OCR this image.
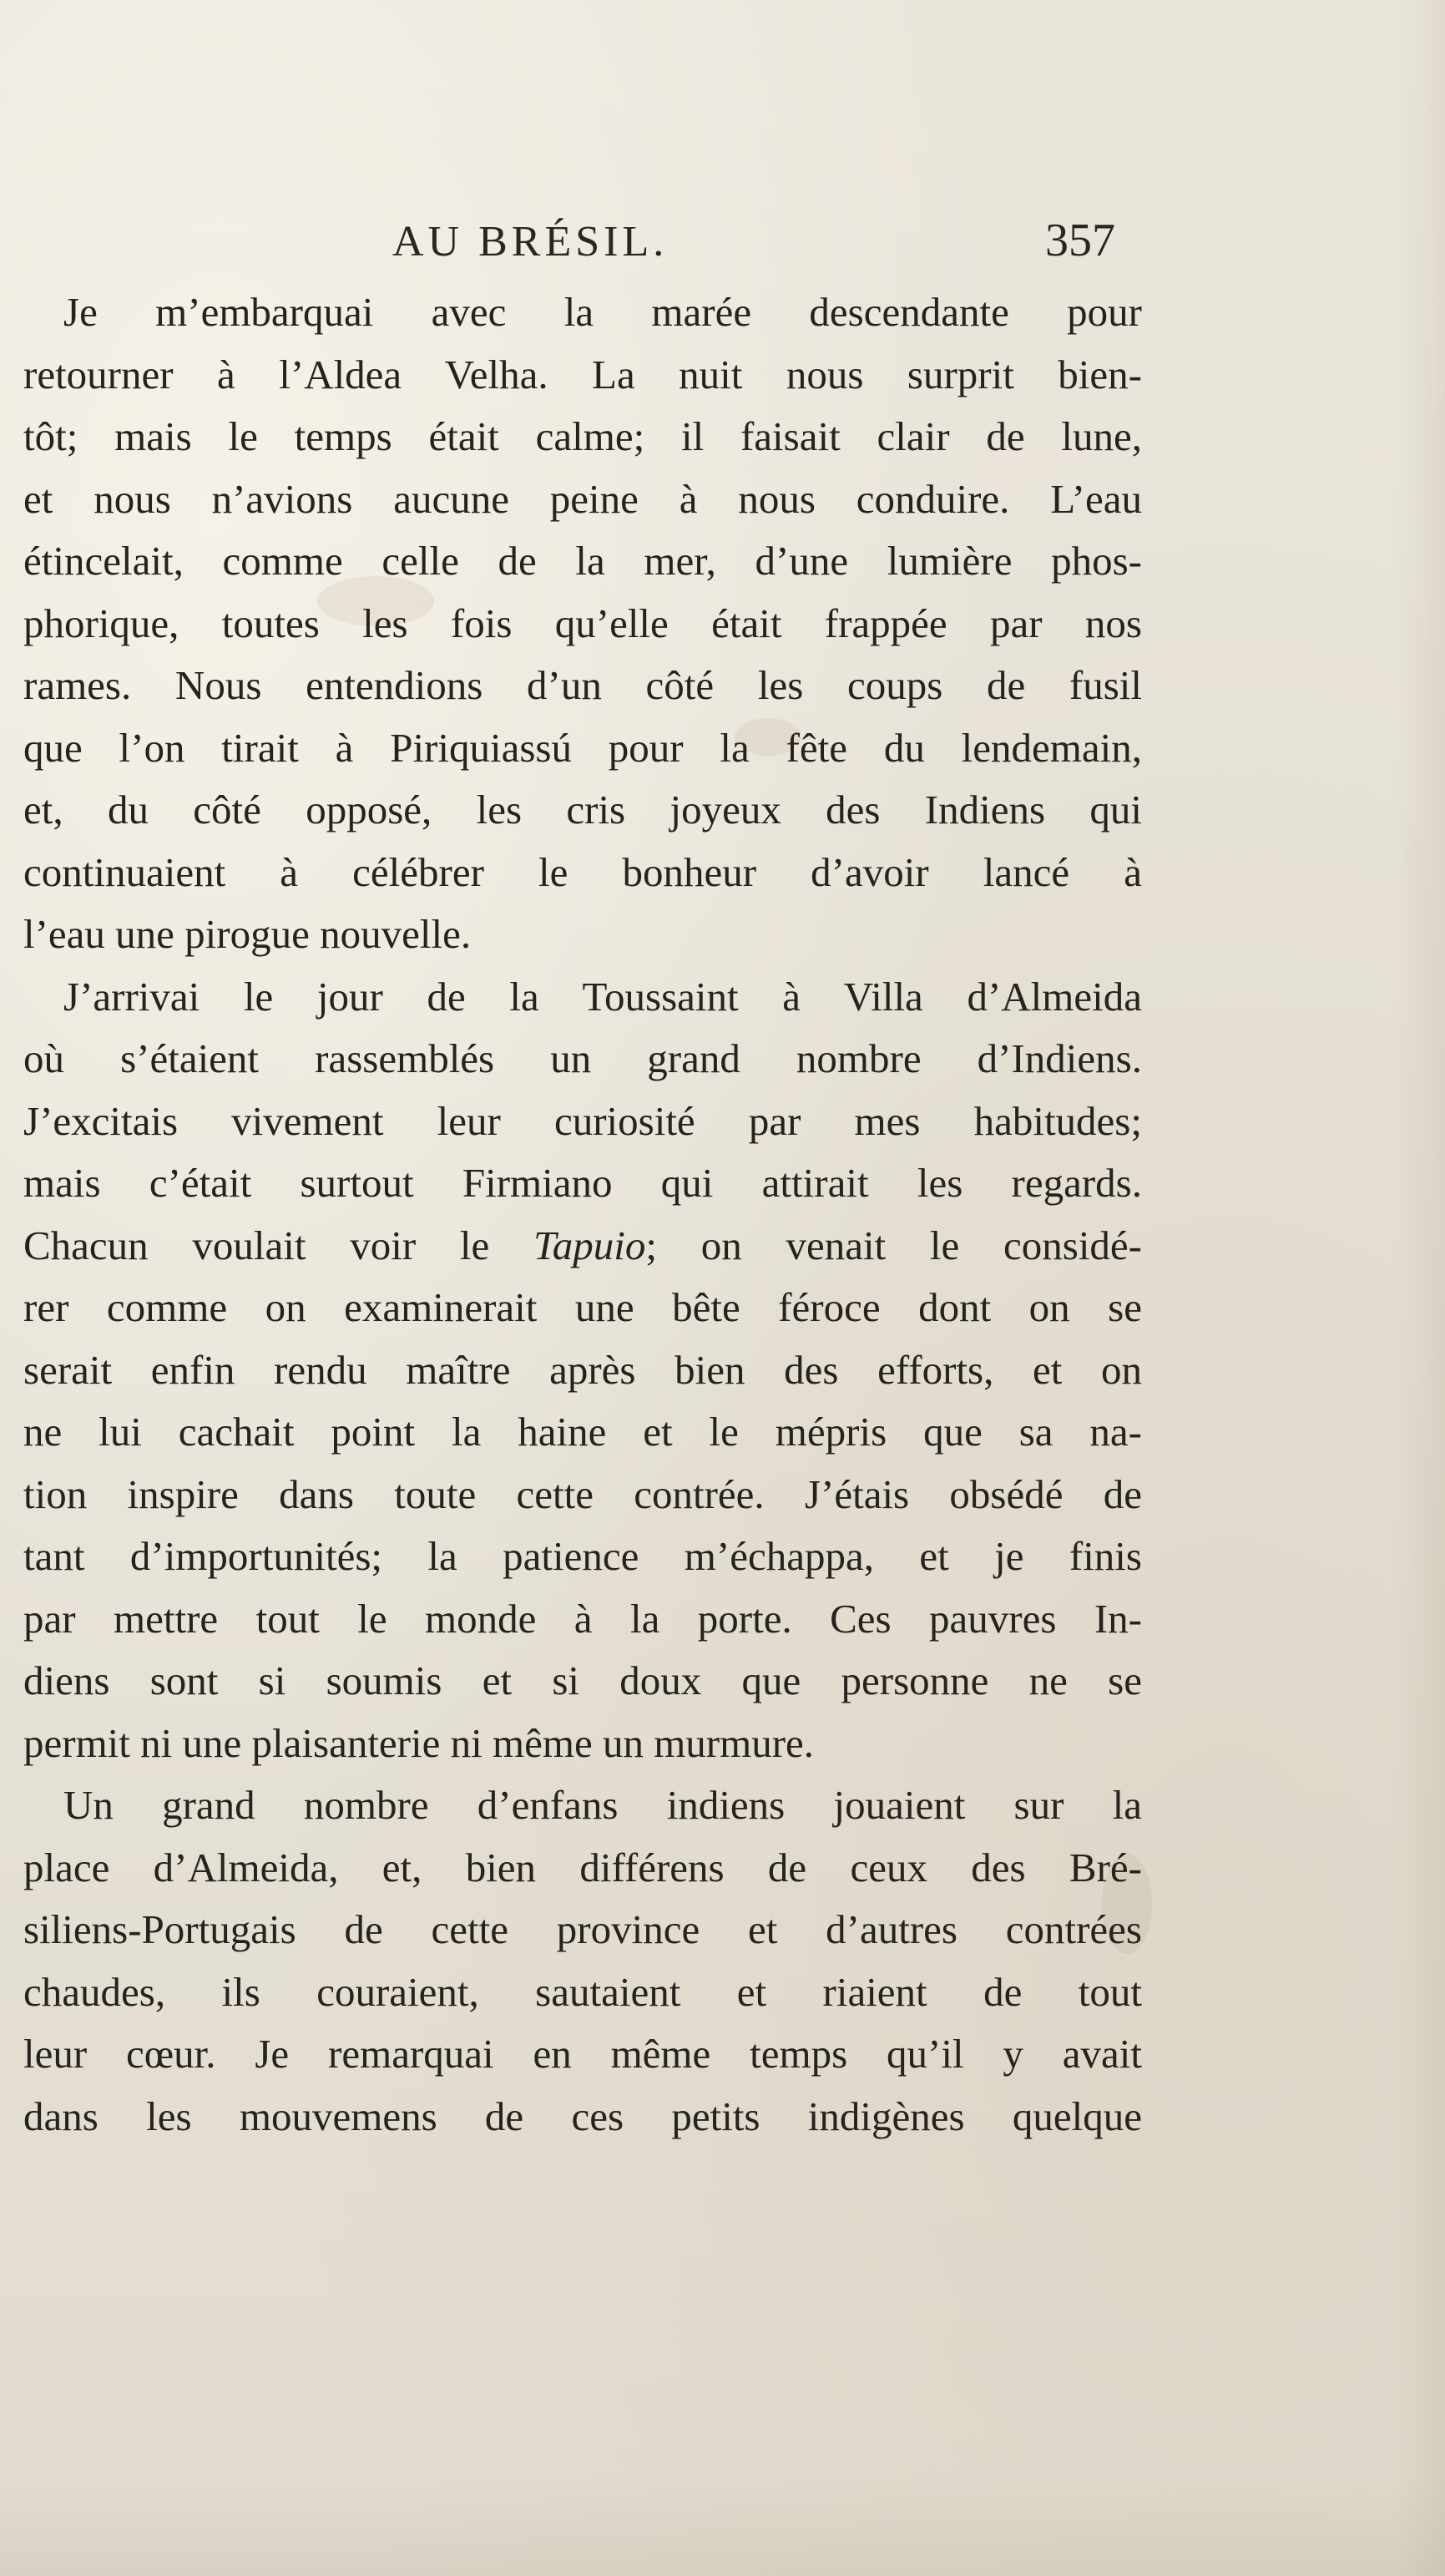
AU BRÉSIL.	357
Je m’embarquai avec la marée descendante pour
retourner à l’Aldea Velha. La nuit nous surprit bien-
tôt; mais le temps était calme; il faisait clair de lune,
et nous n’avions aucune peine à nous conduire. L’eau
étincelait, comme celle de la mer, d’une lumière phos-
phorique, toutes les fois qu’elle était frappée par nos
rames. Nous entendions d’un côté les coups de fusil
que l’on tirait à Piriquiassú pour la fête du lendemain,
et, du côté opposé, les cris joyeux des Indiens qui
continuaient à célébrer le bonheur d’avoir lancé à
l’eau une pirogue nouvelle.
J’arrivai le jour de la Toussaint à Villa d’Almeida
où s’étaient rassemblés un grand nombre d’Indiens.
J’excitais vivement leur curiosité par mes habitudes;
mais c’était surtout Firmiano qui attirait les regards.
Chacun voulait voir le Tapuio; on venait le considé-
rer comme on examinerait une bête féroce dont on se
serait enfin rendu maître après bien des efforts, et on
ne lui cachait point la haine et le mépris que sa na-
tion inspire dans toute cette contrée. J’étais obsédé de
tant d’importunités; la patience m’échappa, et je finis
par mettre tout le monde à la porte. Ces pauvres In-
diens sont si soumis et si doux que personne ne se
permit ni une plaisanterie ni même un murmure.
Un grand nombre d’enfans indiens jouaient sur la
place d’Almeida, et, bien différens de ceux des Bré-
siliens-Portugais de cette province et d’autres contrées
chaudes, ils couraient, sautaient et riaient de tout
leur cœur. Je remarquai en même temps qu’il y avait
dans les mouvemens de ces petits indigènes quelque
